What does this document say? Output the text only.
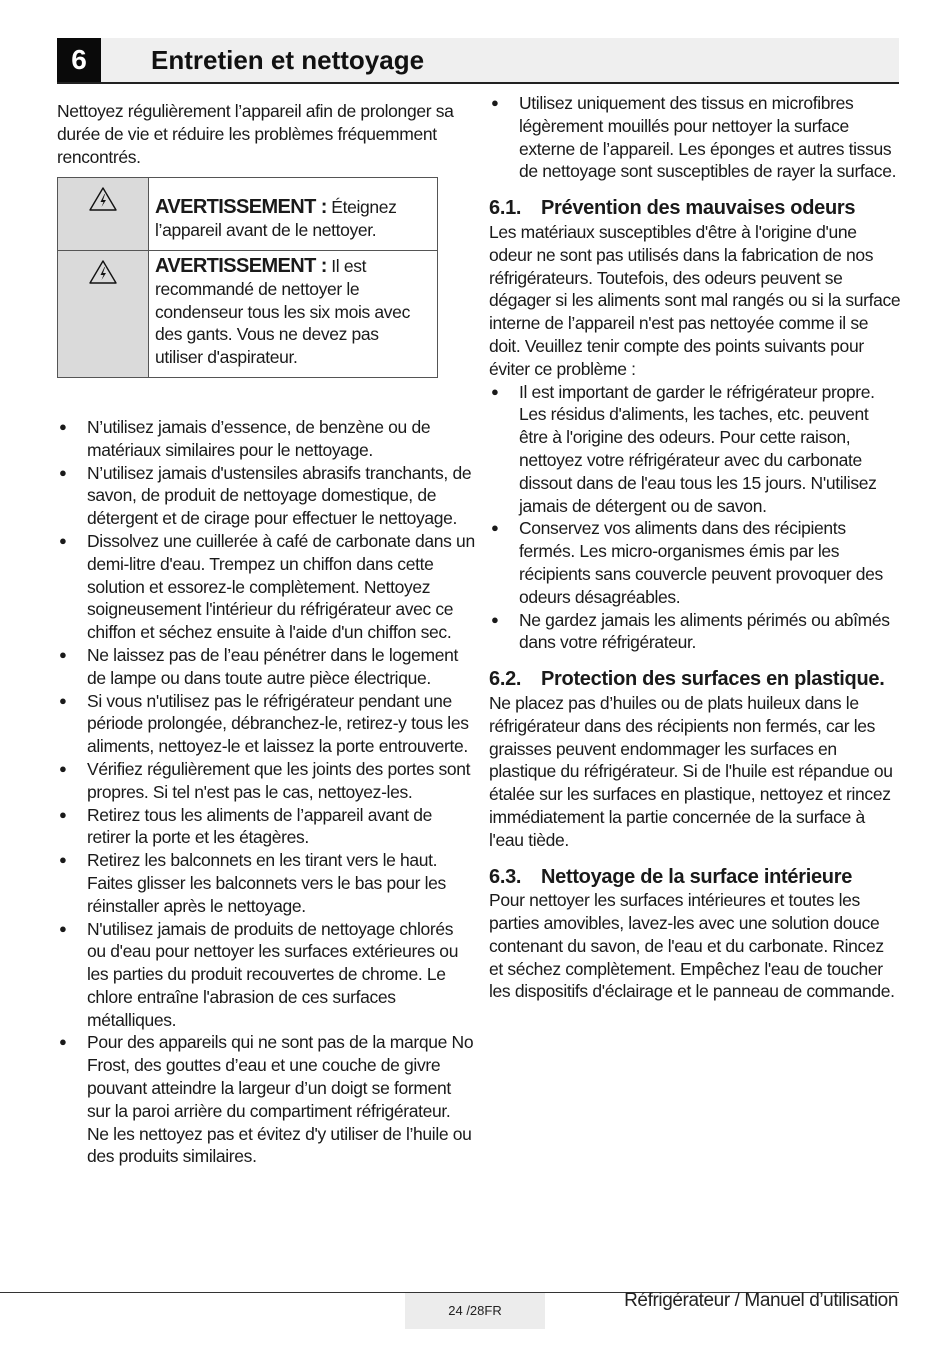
6	Entretien et nettoyage

Nettoyez régulièrement l’appareil afin de prolonger sa durée de vie et réduire les problèmes fréquemment rencontrés.

	AVERTISSEMENT : Éteignez l’appareil avant de le nettoyer.
	AVERTISSEMENT : Il est recommandé de nettoyer le condenseur tous les six mois avec des gants. Vous ne devez pas utiliser d'aspirateur.
● N’utilisez jamais d’essence, de benzène ou de matériaux similaires pour le nettoyage.
● N’utilisez jamais d'ustensiles abrasifs tranchants, de savon, de produit de nettoyage domestique, de détergent et de cirage pour effectuer le nettoyage.
● Dissolvez une cuillerée à café de carbonate dans un demi-litre d'eau. Trempez un chiffon dans cette solution et essorez-le complètement. Nettoyez soigneusement l'intérieur du réfrigérateur avec ce chiffon et séchez ensuite à l'aide d'un chiffon sec.
● Ne laissez pas de l’eau pénétrer dans le logement de lampe ou dans toute autre pièce électrique.
● Si vous n'utilisez pas le réfrigérateur pendant une période prolongée, débranchez-le, retirez-y tous les aliments, nettoyez-le et laissez la porte entrouverte.
● Vérifiez régulièrement que les joints des portes sont propres. Si tel n'est pas le cas, nettoyez-les.
● Retirez tous les aliments de l’appareil avant de retirer la porte et les étagères.
● Retirez les balconnets en les tirant vers le haut. Faites glisser les balconnets vers le bas pour les réinstaller après le nettoyage.
● N'utilisez jamais de produits de nettoyage chlorés ou d'eau pour nettoyer les surfaces extérieures ou les parties du produit recouvertes de chrome. Le chlore entraîne l'abrasion de ces surfaces métalliques.
● Pour des appareils qui ne sont pas de la marque No Frost, des gouttes d’eau et une couche de givre pouvant atteindre la largeur d’un doigt se forment sur la paroi arrière du compartiment réfrigérateur. Ne les nettoyez pas et évitez d'y utiliser de l’huile ou des produits similaires.
● Utilisez uniquement des tissus en microfibres légèrement mouillés pour nettoyer la surface externe de l’appareil. Les éponges et autres tissus de nettoyage sont susceptibles de rayer la surface.
6.1. Prévention des mauvaises odeurs

Les matériaux susceptibles d'être à l'origine d'une odeur ne sont pas utilisés dans la fabrication de nos réfrigérateurs. Toutefois, des odeurs peuvent se dégager si les aliments sont mal rangés ou si la surface interne de l’appareil n'est pas nettoyée comme il se doit. Veuillez tenir compte des points suivants pour éviter ce problème :

● Il est important de garder le réfrigérateur propre. Les résidus d'aliments, les taches, etc. peuvent être à l'origine des odeurs. Pour cette raison, nettoyez votre réfrigérateur avec du carbonate dissout dans de l'eau tous les 15 jours. N'utilisez jamais de détergent ou de savon.
● Conservez vos aliments dans des récipients fermés. Les micro-organismes émis par les récipients sans couvercle peuvent provoquer des odeurs désagréables.
● Ne gardez jamais les aliments périmés ou abîmés dans votre réfrigérateur.
6.2. Protection des surfaces en plastique.

Ne placez pas d’huiles ou de plats huileux dans le réfrigérateur dans des récipients non fermés, car les graisses peuvent endommager les surfaces en plastique du réfrigérateur. Si de l'huile est répandue ou étalée sur les surfaces en plastique, nettoyez et rincez immédiatement la partie concernée de la surface à l'eau tiède.

6.3. Nettoyage de la surface intérieure

Pour nettoyer les surfaces intérieures et toutes les parties amovibles, lavez-les avec une solution douce contenant du savon, de l'eau et du carbonate. Rincez et séchez complètement. Empêchez l'eau de toucher les dispositifs d'éclairage et le panneau de commande.

24 /28FR	Réfrigérateur / Manuel d’utilisation
